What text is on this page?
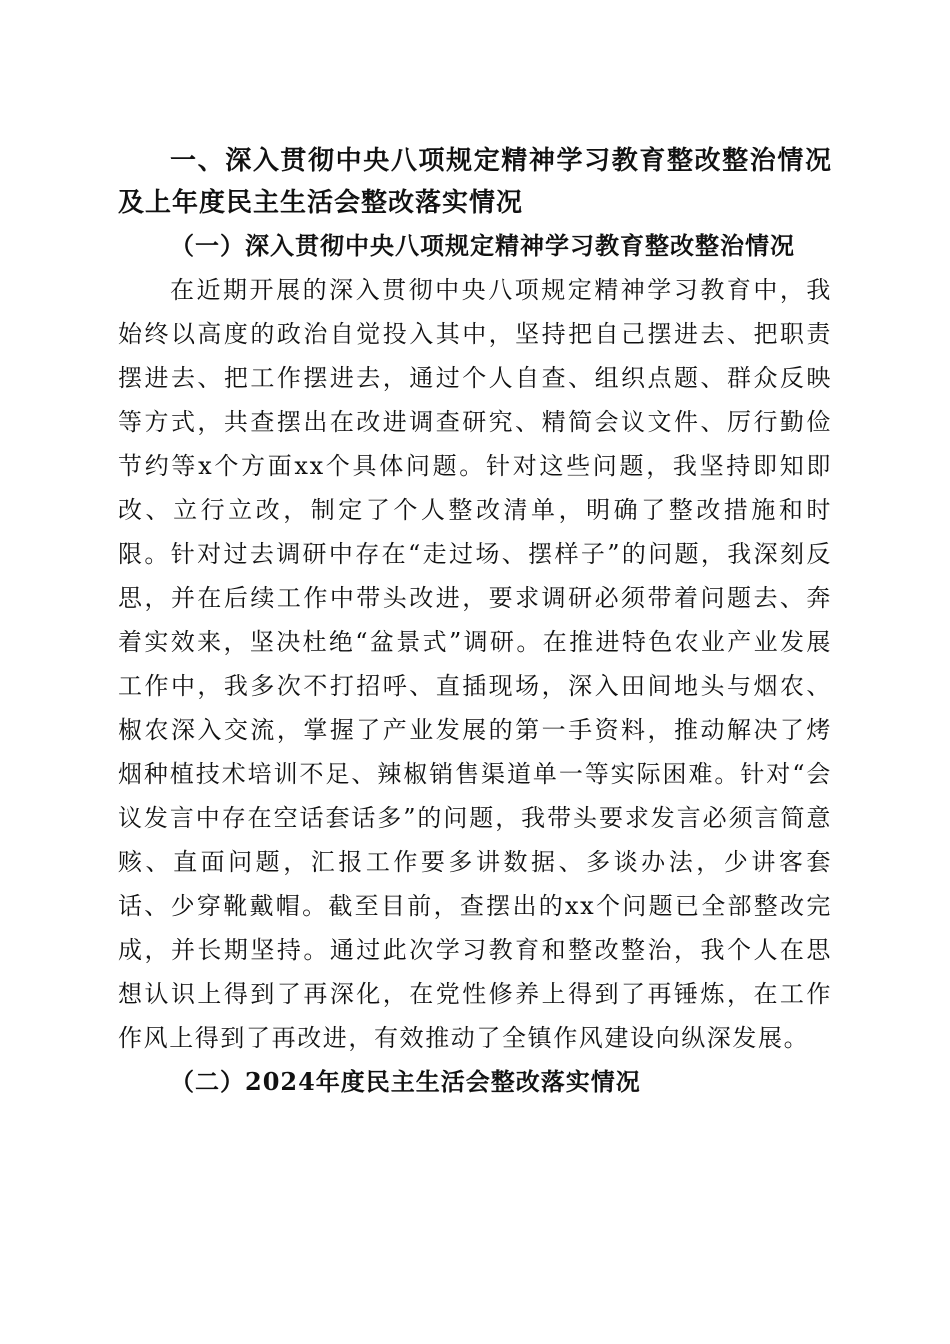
一、深入贯彻中央八项规定精神学习教育整改整治情况及上年度民主生活会整改落实情况
（一）深入贯彻中央八项规定精神学习教育整改整治情况

在近期开展的深入贯彻中央八项规定精神学习教育中，我始终以高度的政治自觉投入其中，坚持把自己摆进去、把职责摆进去、把工作摆进去，通过个人自查、组织点题、群众反映等方式，共查摆出在改进调查研究、精简会议文件、厉行勤俭节约等x个方面xx个具体问题。针对这些问题，我坚持即知即改、立行立改，制定了个人整改清单，明确了整改措施和时限。针对过去调研中存在“走过场、摆样子”的问题，我深刻反思，并在后续工作中带头改进，要求调研必须带着问题去、奔着实效来，坚决杜绝“盆景式”调研。在推进特色农业产业发展工作中，我多次不打招呼、直插现场，深入田间地头与烟农、椒农深入交流，掌握了产业发展的第一手资料，推动解决了烤烟种植技术培训不足、辣椒销售渠道单一等实际困难。针对“会议发言中存在空话套话多”的问题，我带头要求发言必须言简意赅、直面问题，汇报工作要多讲数据、多谈办法，少讲客套话、少穿靴戴帽。截至目前，查摆出的xx个问题已全部整改完成，并长期坚持。通过此次学习教育和整改整治，我个人在思想认识上得到了再深化，在党性修养上得到了再锤炼，在工作作风上得到了再改进，有效推动了全镇作风建设向纵深发展。

（二）2024年度民主生活会整改落实情况
